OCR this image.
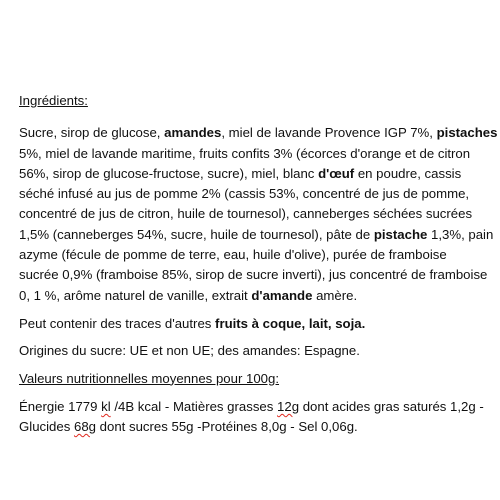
Ingrédients:
Sucre, sirop de glucose, amandes, miel de lavande Provence IGP 7%, pistaches
5%, miel de lavande maritime, fruits confits 3% (écorces d'orange et de citron
56%, sirop de glucose-fructose, sucre), miel, blanc d'œuf en poudre, cassis
séché infusé au jus de pomme 2% (cassis 53%, concentré de jus de pomme,
concentré de jus de citron, huile de tournesol), canneberges séchées sucrées
1,5% (canneberges 54%, sucre, huile de tournesol), pâte de pistache 1,3%, pain
azyme (fécule de pomme de terre, eau, huile d'olive), purée de framboise
sucrée 0,9% (framboise 85%, sirop de sucre inverti), jus concentré de framboise
0, 1 %, arôme naturel de vanille, extrait d'amande amère.
Peut contenir des traces d'autres fruits à coque, lait, soja.
Origines du sucre: UE et non UE; des amandes: Espagne.
Valeurs nutritionnelles moyennes pour 100g:
Énergie 1779 kl /4B kcal - Matières grasses 12g dont acides gras saturés 1,2g -
Glucides 68g dont sucres 55g -Protéines 8,0g - Sel 0,06g.
